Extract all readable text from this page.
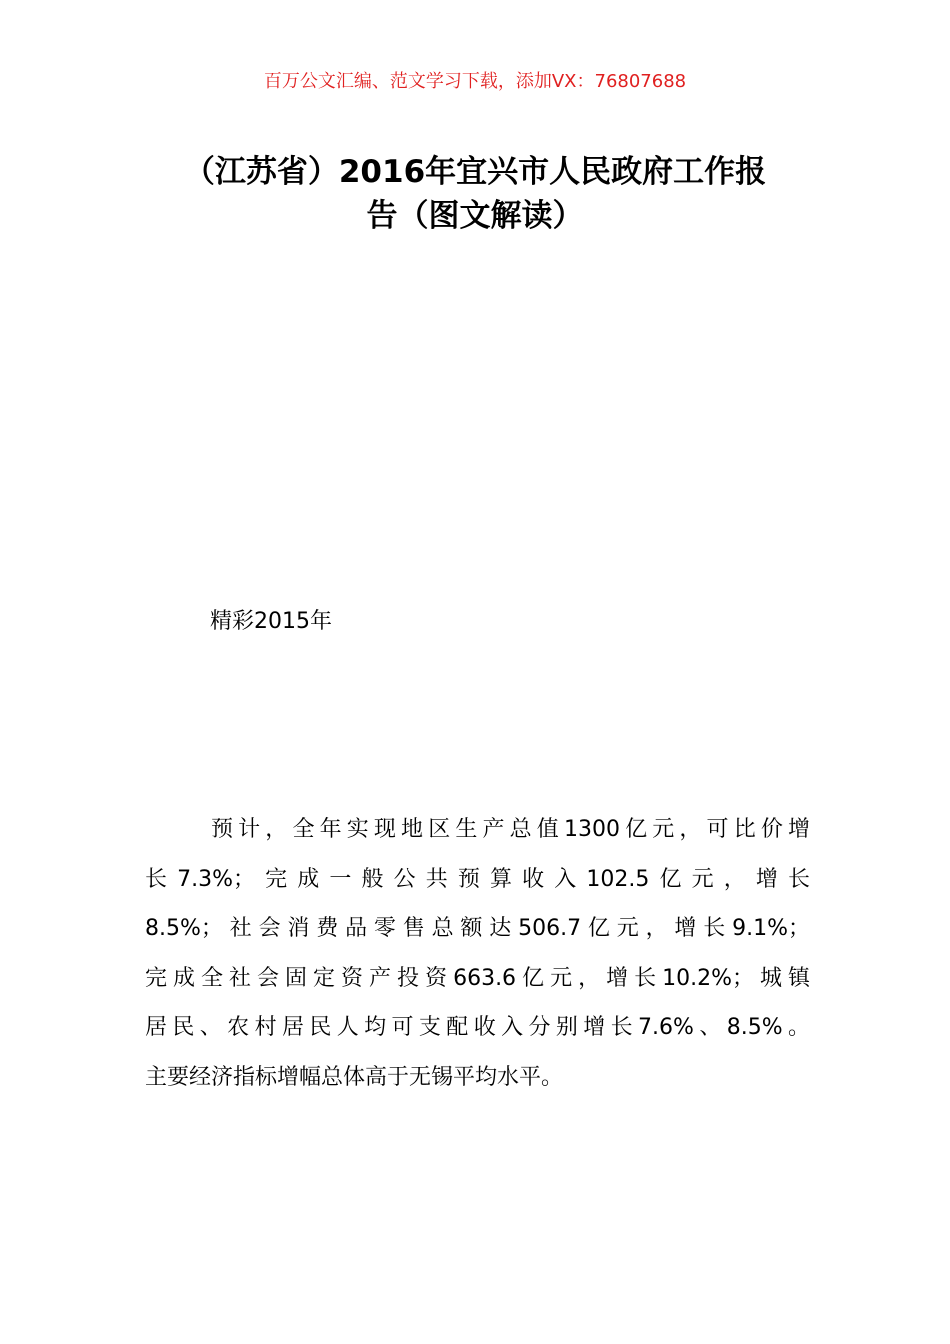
百万公文汇编、范文学习下载，添加VX：76807688
（江苏省）2016年宜兴市人民政府工作报
告（图文解读）
精彩2015年
预计，全年实现地区生产总值1300亿元，可比价增
长7.3%；完成一般公共预算收入102.5亿元，增长
8.5%；社会消费品零售总额达506.7亿元，增长9.1%；
完成全社会固定资产投资663.6亿元，增长10.2%；城镇
居民、农村居民人均可支配收入分别增长7.6%、8.5%。
主要经济指标增幅总体高于无锡平均水平。
